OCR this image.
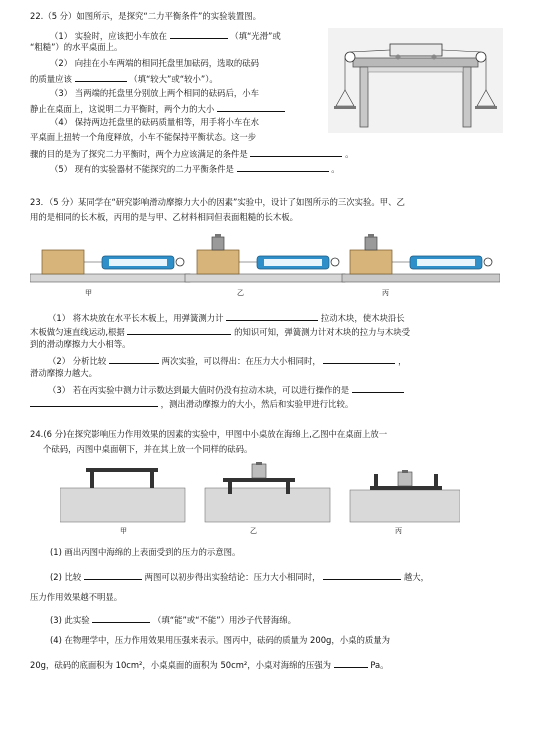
22.（5 分）如图所示，是探究“二力平衡条件”的实验装置图。
（1） 实验时，应该把小车放在	（填“光滑”或
“粗糙”）的水平桌面上。
（2） 向挂在小车两端的相同托盘里加砝码，选取的砝码
的质量应该	（填“较大”或“较小”）。
（3） 当两端的托盘里分别放上两个相同的砝码后，小车
静止在桌面上，这说明二力平衡时，两个力的大小
（4） 保持两边托盘里的砝码质量相等，用手将小车在水
平桌面上扭转一个角度释放，小车不能保持平衡状态。这一步
骤的目的是为了探究二力平衡时，两个力应该满足的条件是	。
（5） 现有的实验器材不能探究的二力平衡条件是	。
23．（5 分）某同学在“研究影响滑动摩擦力大小的因素”实验中，设计了如图所示的三次实验。甲、乙
用的是相同的长木板，丙用的是与甲、乙材料相同但表面粗糙的长木板。
甲	乙	丙
（1） 将木块放在水平长木板上，用弹簧测力计	拉动木块，使木块沿长
木板做匀速直线运动,根据	的知识可知，弹簧测力计对木块的拉力与木块受
到的滑动摩擦力大小相等。
（2） 分析比较	两次实验，可以得出：在压力大小相同时，	，
滑动摩擦力越大。
（3） 若在丙实验中测力计示数达到最大值时仍没有拉动木块，可以进行操作的是
，测出滑动摩擦力的大小，然后和实验甲进行比较。
24.(6 分)在探究影响压力作用效果的因素的实验中，甲图中小桌放在海绵上,乙图中在桌面上放一
个砝码，丙图中桌面朝下，并在其上放一个同样的砝码。
甲	乙	丙
(1) 画出丙图中海绵的上表面受到的压力的示意图。
(2) 比较	两图可以初步得出实验结论：压力大小相同时，	越大，
压力作用效果越不明显。
(3) 此实验	（填“能”或“不能”）用沙子代替海绵。
(4) 在物理学中，压力作用效果用压强来表示。图丙中，砝码的质量为 200g，小桌的质量为
20g，砝码的底面积为 10cm²，小桌桌面的面积为 50cm²，小桌对海绵的压强为	Pa。
